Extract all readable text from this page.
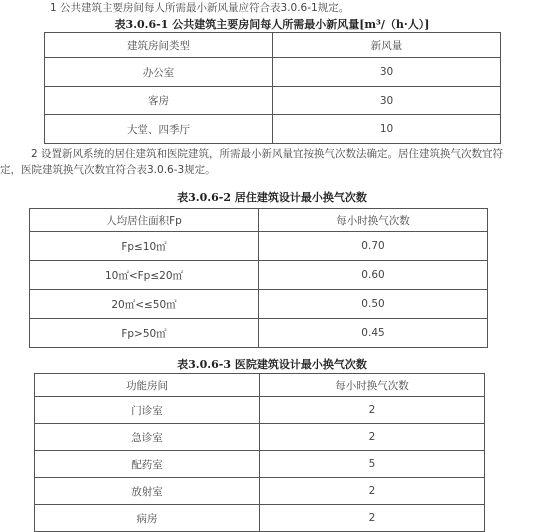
1 公共建筑主要房间每人所需最小新风量应符合表3.0.6-1规定。
表3.0.6-1 公共建筑主要房间每人所需最小新风量[m³/（h·人）]
建筑房间类型	新风量
办公室	30
客房	30
大堂、四季厅	10
2 设置新风系统的居住建筑和医院建筑，所需最小新风量宜按换气次数法确定。居住建筑换气次数宜符
定，医院建筑换气次数宜符合表3.0.6-3规定。
表3.0.6-2 居住建筑设计最小换气次数
人均居住面积Fp	每小时换气次数
Fp≤10㎡	0.70
10㎡<Fp≤20㎡	0.60
20㎡<≤50㎡	0.50
Fp>50㎡	0.45
表3.0.6-3 医院建筑设计最小换气次数
功能房间	每小时换气次数
门诊室	2
急诊室	2
配药室	5
放射室	2
病房	2
